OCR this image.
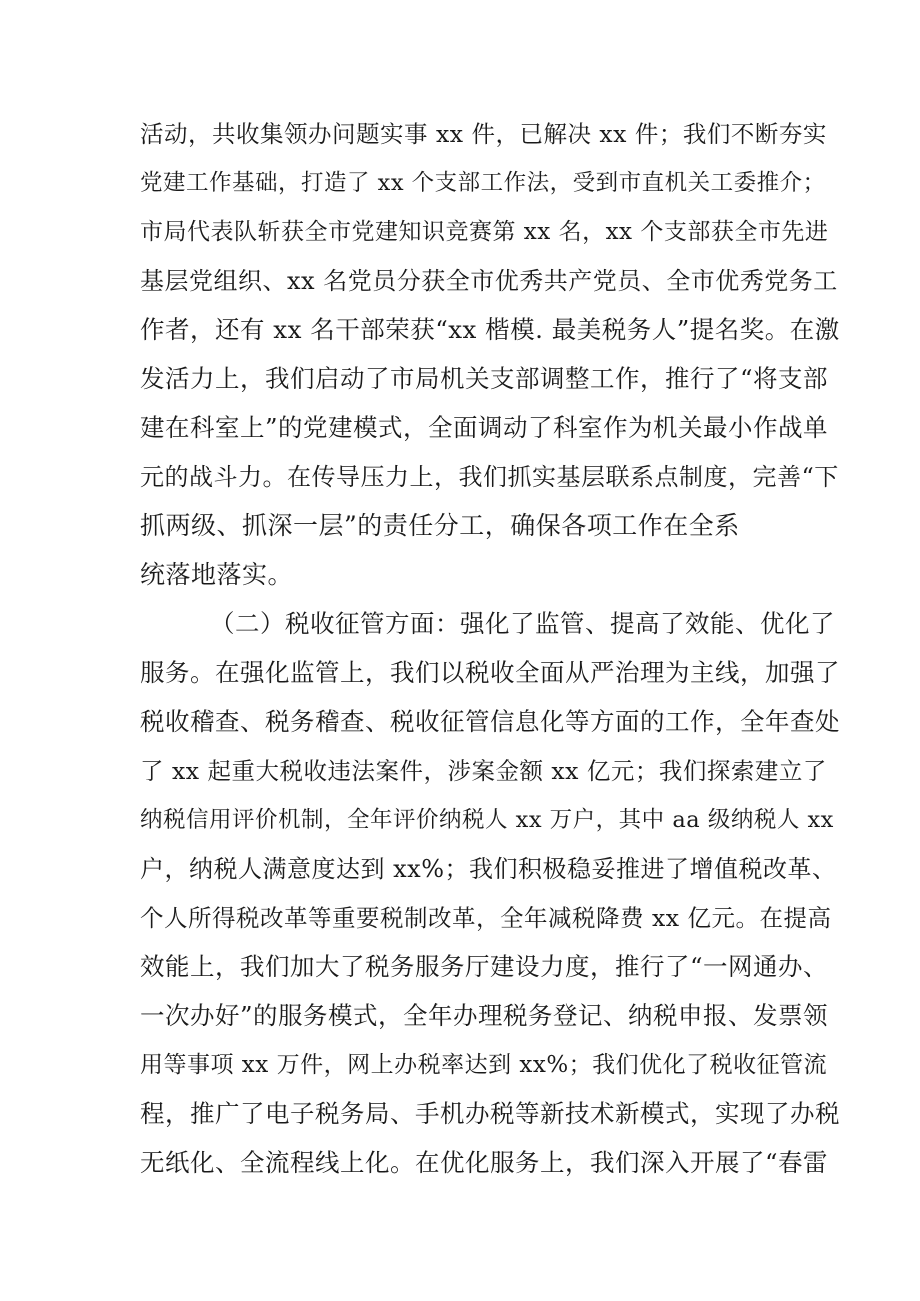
活动，共收集领办问题实事 xx 件，已解决 xx 件；我们不断夯实
党建工作基础，打造了 xx 个支部工作法，受到市直机关工委推介；
市局代表队斩获全市党建知识竞赛第 xx 名，xx 个支部获全市先进
基层党组织、xx 名党员分获全市优秀共产党员、全市优秀党务工
作者，还有 xx 名干部荣获“xx 楷模. 最美税务人”提名奖。在激
发活力上，我们启动了市局机关支部调整工作，推行了“将支部
建在科室上”的党建模式，全面调动了科室作为机关最小作战单
元的战斗力。在传导压力上，我们抓实基层联系点制度，完善“下
抓两级、抓深一层”的责任分工，确保各项工作在全系
统落地落实。
（二）税收征管方面：强化了监管、提高了效能、优化了
服务。在强化监管上，我们以税收全面从严治理为主线，加强了
税收稽查、税务稽查、税收征管信息化等方面的工作，全年查处
了 xx 起重大税收违法案件，涉案金额 xx 亿元；我们探索建立了
纳税信用评价机制，全年评价纳税人 xx 万户，其中 aa 级纳税人 xx
户，纳税人满意度达到 xx%；我们积极稳妥推进了增值税改革、
个人所得税改革等重要税制改革，全年减税降费 xx 亿元。在提高
效能上，我们加大了税务服务厅建设力度，推行了“一网通办、
一次办好”的服务模式，全年办理税务登记、纳税申报、发票领
用等事项 xx 万件，网上办税率达到 xx%；我们优化了税收征管流
程，推广了电子税务局、手机办税等新技术新模式，实现了办税
无纸化、全流程线上化。在优化服务上，我们深入开展了“春雷
